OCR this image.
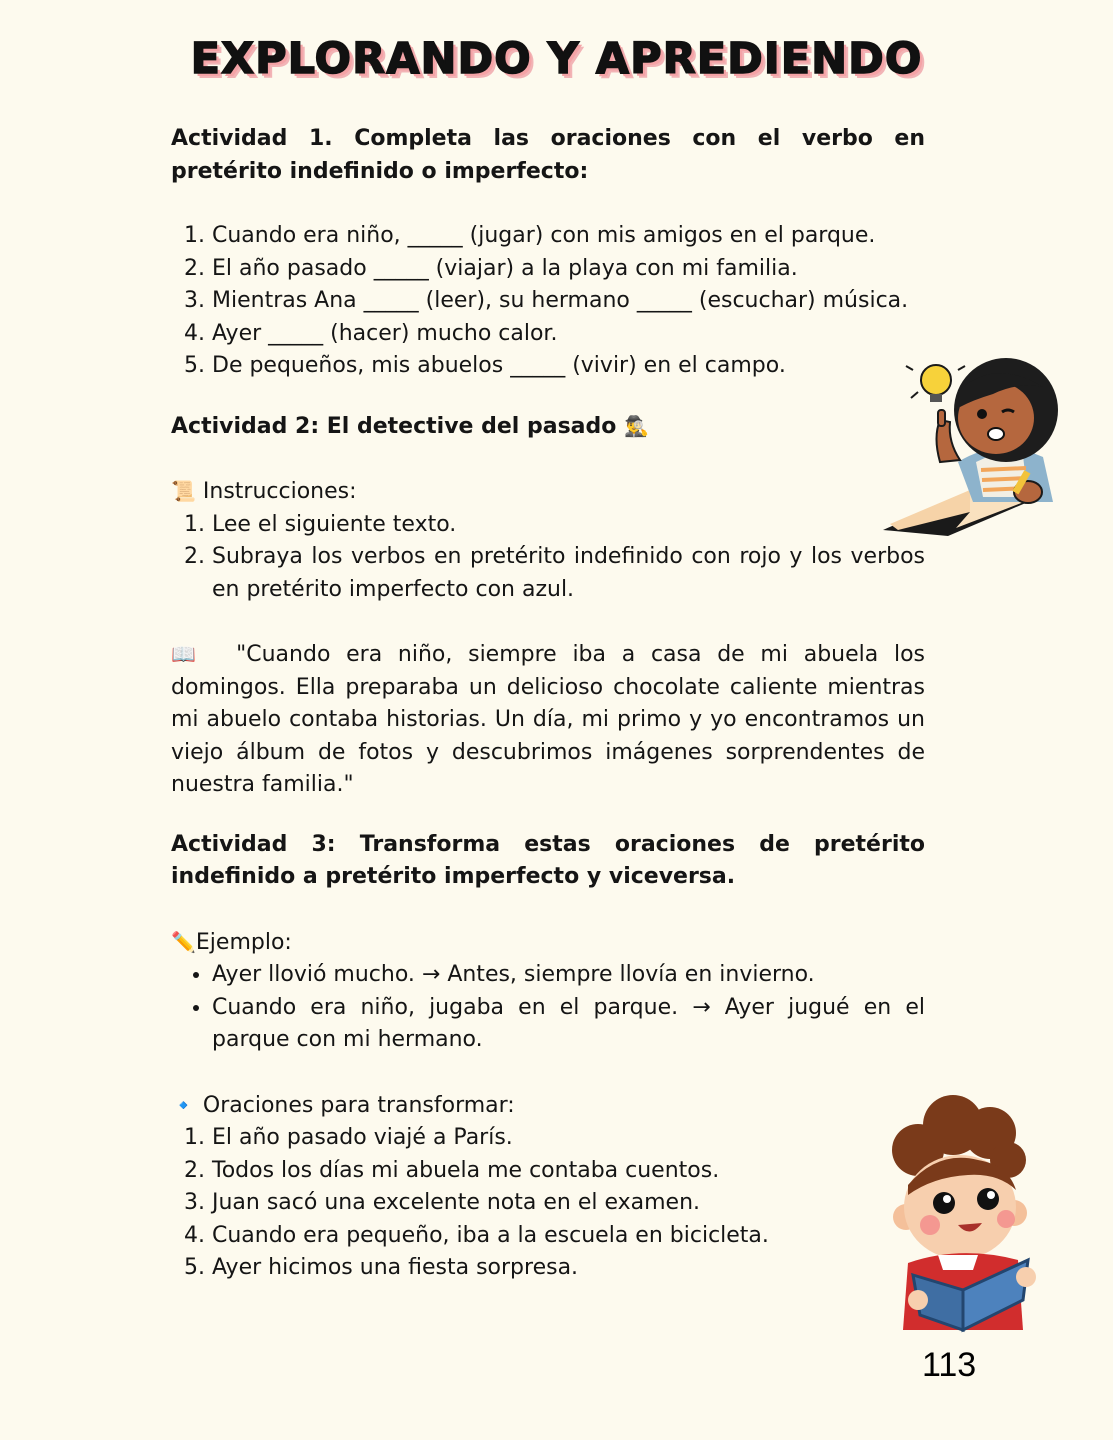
EXPLORANDO Y APREDIENDO

Actividad 1. Completa las oraciones con el verbo en pretérito indefinido o imperfecto:

1. Cuando era niño, _____ (jugar) con mis amigos en el parque.
2. El año pasado _____ (viajar) a la playa con mi familia.
3. Mientras Ana _____ (leer), su hermano _____ (escuchar) música.
4. Ayer _____ (hacer) mucho calor.
5. De pequeños, mis abuelos _____ (vivir) en el campo.

Actividad 2: El detective del pasado 🕵️‍♂️

📜 Instrucciones:

1. Lee el siguiente texto.
2. Subraya los verbos en pretérito indefinido con rojo y los verbos en pretérito imperfecto con azul.

📖 "Cuando era niño, siempre iba a casa de mi abuela los domingos. Ella preparaba un delicioso chocolate caliente mientras mi abuelo contaba historias. Un día, mi primo y yo encontramos un viejo álbum de fotos y descubrimos imágenes sorprendentes de nuestra familia."

Actividad 3: Transforma estas oraciones de pretérito indefinido a pretérito imperfecto y viceversa.

✏️Ejemplo:

• Ayer llovió mucho. → Antes, siempre llovía en invierno.
• Cuando era niño, jugaba en el parque. → Ayer jugué en el parque con mi hermano.

🔹 Oraciones para transformar:

1. El año pasado viajé a París.
2. Todos los días mi abuela me contaba cuentos.
3. Juan sacó una excelente nota en el examen.
4. Cuando era pequeño, iba a la escuela en bicicleta.
5. Ayer hicimos una fiesta sorpresa.
113
